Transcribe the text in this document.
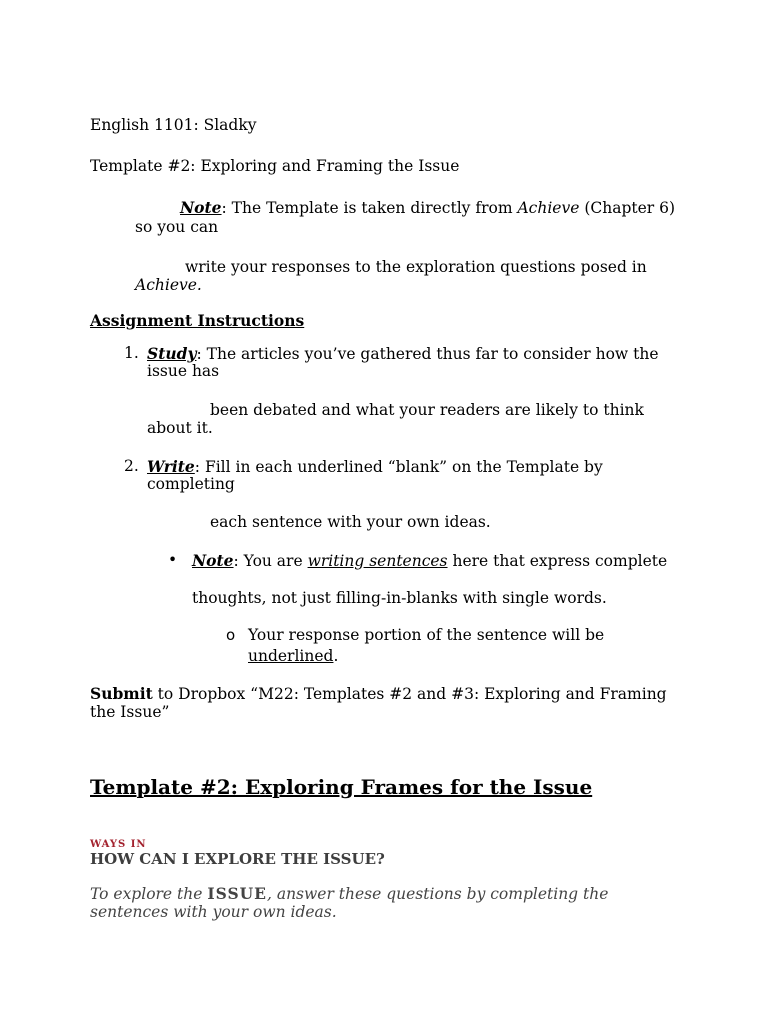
English 1101: Sladky
Template #2: Exploring and Framing the Issue
Note: The Template is taken directly from Achieve (Chapter 6)
so you can
write your responses to the exploration questions posed in
Achieve.
Assignment Instructions
1. Study: The articles you’ve gathered thus far to consider how the
issue has
been debated and what your readers are likely to think
about it.
2. Write: Fill in each underlined “blank” on the Template by
completing
each sentence with your own ideas.
• Note: You are writing sentences here that express complete
thoughts, not just filling-in-blanks with single words.
o Your response portion of the sentence will be
underlined.
Submit to Dropbox “M22: Templates #2 and #3: Exploring and Framing
the Issue”
Template #2: Exploring Frames for the Issue
WAYS IN
HOW CAN I EXPLORE THE ISSUE?
To explore the ISSUE, answer these questions by completing the
sentences with your own ideas.
